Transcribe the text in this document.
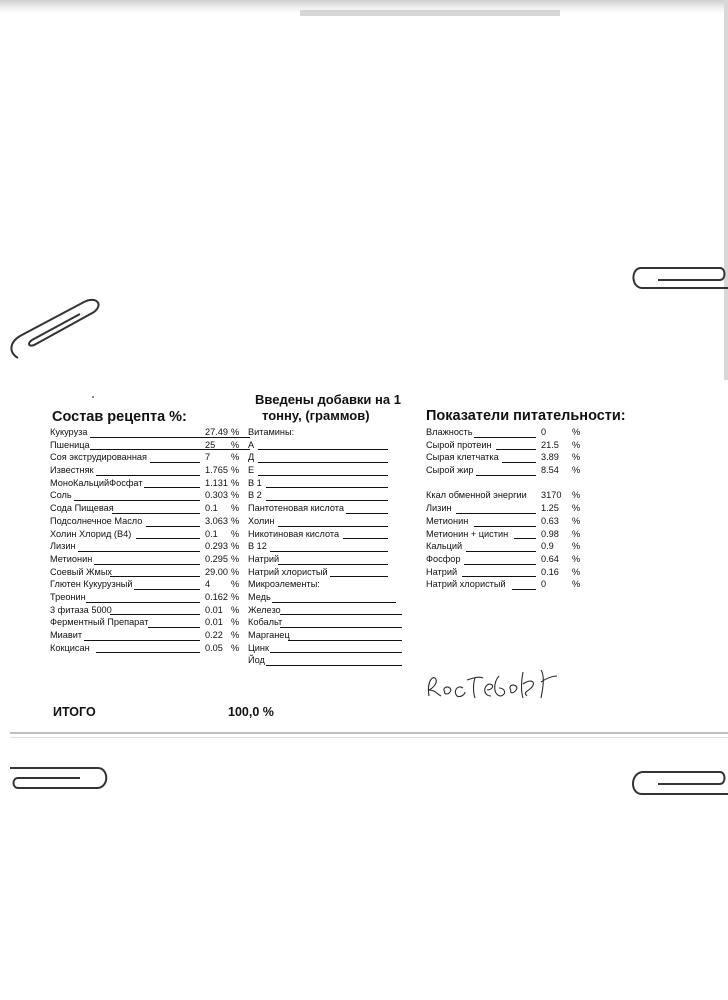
Состав рецепта %:
Введены добавки на 1
тонну, (граммов)	Показатели питательности:
Кукуруза	27.49 %
Пшеница	25 %
Соя экструдированная	7 %
Известняк	1.765 %
МоноКальцийФосфат	1.131 %
Соль	0.303 %
Сода Пищевая	0.1 %
Подсолнечное Масло	3.063 %
Холин Хлорид (В4)	0.1 %
Лизин	0.293 %
Метионин	0.295 %
Соевый Жмых	29.00 %
Глютен Кукурузный	4 %
Треонин	0.162 %
3 фитаза 5000	0.01 %
Ферментный Препарат	0.01 %
Миавит	0.22 %
Кокцисан	0.05 %
Витамины:
А
Д
Е
В 1
В 2
Пантотеновая кислота
Холин
Никотиновая кислота
В 12
Натрий
Натрий хлористый
Микроэлементы:
Медь
Железо
Кобальт
Марганец
Цинк
Йод
Влажность	0	%
Сырой протеин	21.5 %
Сырая клетчатка	3.89 %
Сырой жир	8.54 %
Ккал обменной энергии 3170 %
Лизин	1.25 %
Метионин	0.63 %
Метионин + цистин	0.98 %
Кальций	0.9 %
Фосфор	0.64 %
Натрий	0.16 %
Натрий хлористый	0	%
ИТОГО	100,0 %
